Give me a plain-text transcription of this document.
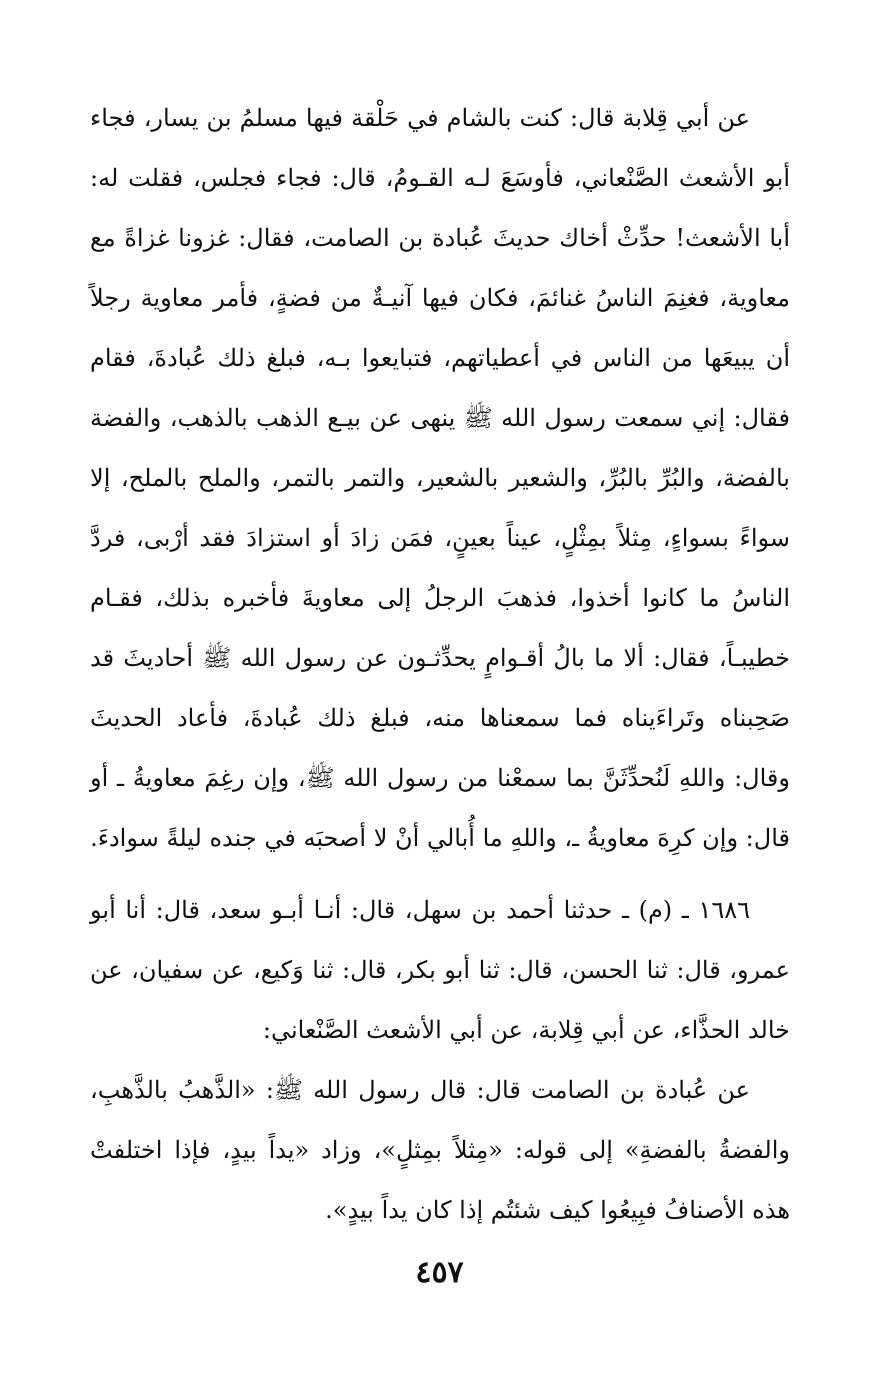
عن أبي قِلابة قال: كنت بالشام في حَلْقة فيها مسلمُ بن يسار، فجاء أبو الأشعث الصَّنْعاني، فأوسَعَ لـه القـومُ، قال: فجاء فجلس، فقلت له: أبا الأشعث! حدِّثْ أخاك حديثَ عُبادة بن الصامت، فقال: غزونا غزاةً مع معاوية، فغنِمَ الناسُ غنائمَ، فكان فيها آنيـةٌ من فضةٍ، فأمر معاوية رجلاً أن يبيعَها من الناس في أعطياتهم، فتبايعوا بـه، فبلغ ذلك عُبادةَ، فقام فقال: إني سمعت رسول الله ﷺ ينهى عن بيـع الذهب بالذهب، والفضة بالفضة، والبُرِّ بالبُرِّ، والشعير بالشعير، والتمر بالتمر، والملح بالملح، إلا سواءً بسواءٍ، مِثلاً بمِثْلٍ، عيناً بعينٍ، فمَن زادَ أو استزادَ فقد أرْبى، فردَّ الناسُ ما كانوا أخذوا، فذهبَ الرجلُ إلى معاويةَ فأخبره بذلك، فقـام خطيبـاً، فقال: ألا ما بالُ أقـوامٍ يحدِّثـون عن رسول الله ﷺ أحاديثَ قد صَحِبناه وتَراءَيناه فما سمعناها منه، فبلغ ذلك عُبادةَ، فأعاد الحديثَ وقال: واللهِ لَنُحدِّثَنَّ بما سمعْنا من رسول الله ﷺ، وإن رغِمَ معاويةُ ـ أو قال: وإن كرِهَ معاويةُ ـ، واللهِ ما أُبالي أنْ لا أصحبَه في جنده ليلةً سوادءَ.

١٦٨٦ ـ (م) ـ حدثنا أحمد بن سهل، قال: أنـا أبـو سعد، قال: أنا أبو عمرو، قال: ثنا الحسن، قال: ثنا أبو بكر، قال: ثنا وَكيع، عن سفيان، عن خالد الحذَّاء، عن أبي قِلابة، عن أبي الأشعث الصَّنْعاني:

عن عُبادة بن الصامت قال: قال رسول الله ﷺ: «الذَّهبُ بالذَّهبِ، والفضةُ بالفضةِ» إلى قوله: «مِثلاً بمِثلٍ»، وزاد «يداً بيدٍ، فإذا اختلفتْ هذه الأصنافُ فبِيعُوا كيف شئتُم إذا كان يداً بيدٍ».

٤٥٧
